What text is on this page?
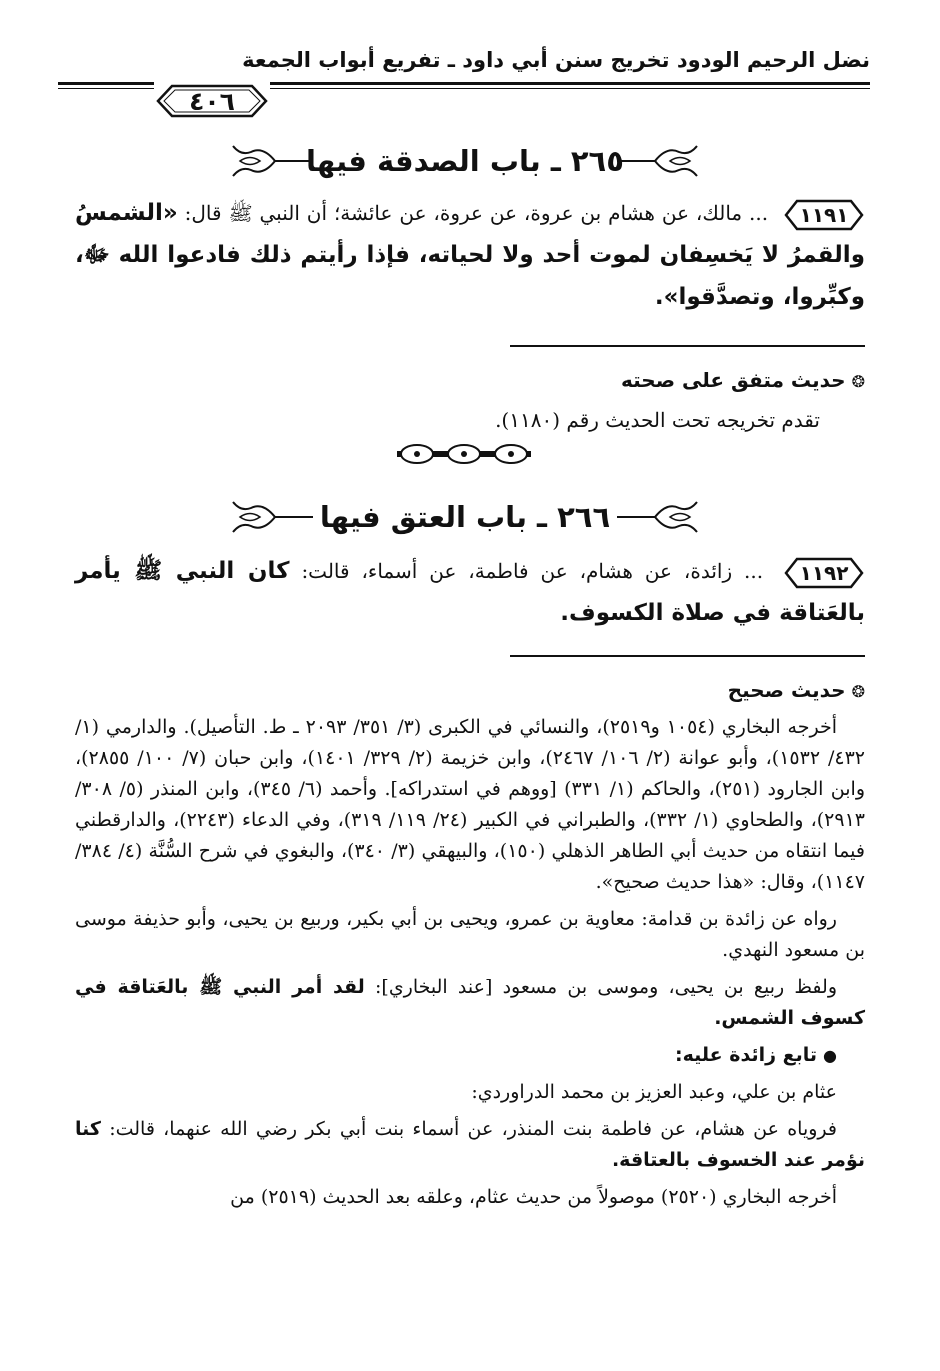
نضل الرحيم الودود تخريج سنن أبي داود ـ تفريع أبواب الجمعة
٤٠٦
٢٦٥ ـ باب الصدقة فيها
١١٩١
... مالك، عن هشام بن عروة، عن عروة، عن عائشة؛ أن النبي ﷺ قال: «الشمسُ والقمرُ لا يَخسِفان لموت أحد ولا لحياته، فإذا رأيتم ذلك فادعوا الله ﷻ، وكبِّروا، وتصدَّقوا».
❂حديث متفق على صحته
تقدم تخريجه تحت الحديث رقم (١١٨٠).
٢٦٦ ـ باب العتق فيها
١١٩٢
... زائدة، عن هشام، عن فاطمة، عن أسماء، قالت: كان النبي ﷺ يأمر بالعَتاقة في صلاة الكسوف.
❂حديث صحيح

أخرجه البخاري (١٠٥٤ و٢٥١٩)، والنسائي في الكبرى (٣/ ٣٥١/ ٢٠٩٣ ـ ط. التأصيل). والدارمي (١/ ٤٣٢/ ١٥٣٢)، وأبو عوانة (٢/ ١٠٦/ ٢٤٦٧)، وابن خزيمة (٢/ ٣٢٩/ ١٤٠١)، وابن حبان (٧/ ١٠٠/ ٢٨٥٥)، وابن الجارود (٢٥١)، والحاكم (١/ ٣٣١) [ووهم في استدراكه]. وأحمد (٦/ ٣٤٥)، وابن المنذر (٥/ ٣٠٨/ ٢٩١٣)، والطحاوي (١/ ٣٣٢)، والطبراني في الكبير (٢٤/ ١١٩/ ٣١٩)، وفي الدعاء (٢٢٤٣)، والدارقطني فيما انتقاه من حديث أبي الطاهر الذهلي (١٥٠)، والبيهقي (٣/ ٣٤٠)، والبغوي في شرح السُّنَّة (٤/ ٣٨٤/ ١١٤٧)، وقال: «هذا حديث صحيح».

رواه عن زائدة بن قدامة: معاوية بن عمرو، ويحيى بن أبي بكير، وربيع بن يحيى، وأبو حذيفة موسى بن مسعود النهدي.

ولفظ ربيع بن يحيى، وموسى بن مسعود [عند البخاري]: لقد أمر النبي ﷺ بالعَتاقة في كسوف الشمس.

●تابع زائدة عليه:

عثام بن علي، وعبد العزيز بن محمد الدراوردي:

فروياه عن هشام، عن فاطمة بنت المنذر، عن أسماء بنت أبي بكر رضي الله عنهما، قالت: كنا نؤمر عند الخسوف بالعتاقة.

أخرجه البخاري (٢٥٢٠) موصولاً من حديث عثام، وعلقه بعد الحديث (٢٥١٩) من
